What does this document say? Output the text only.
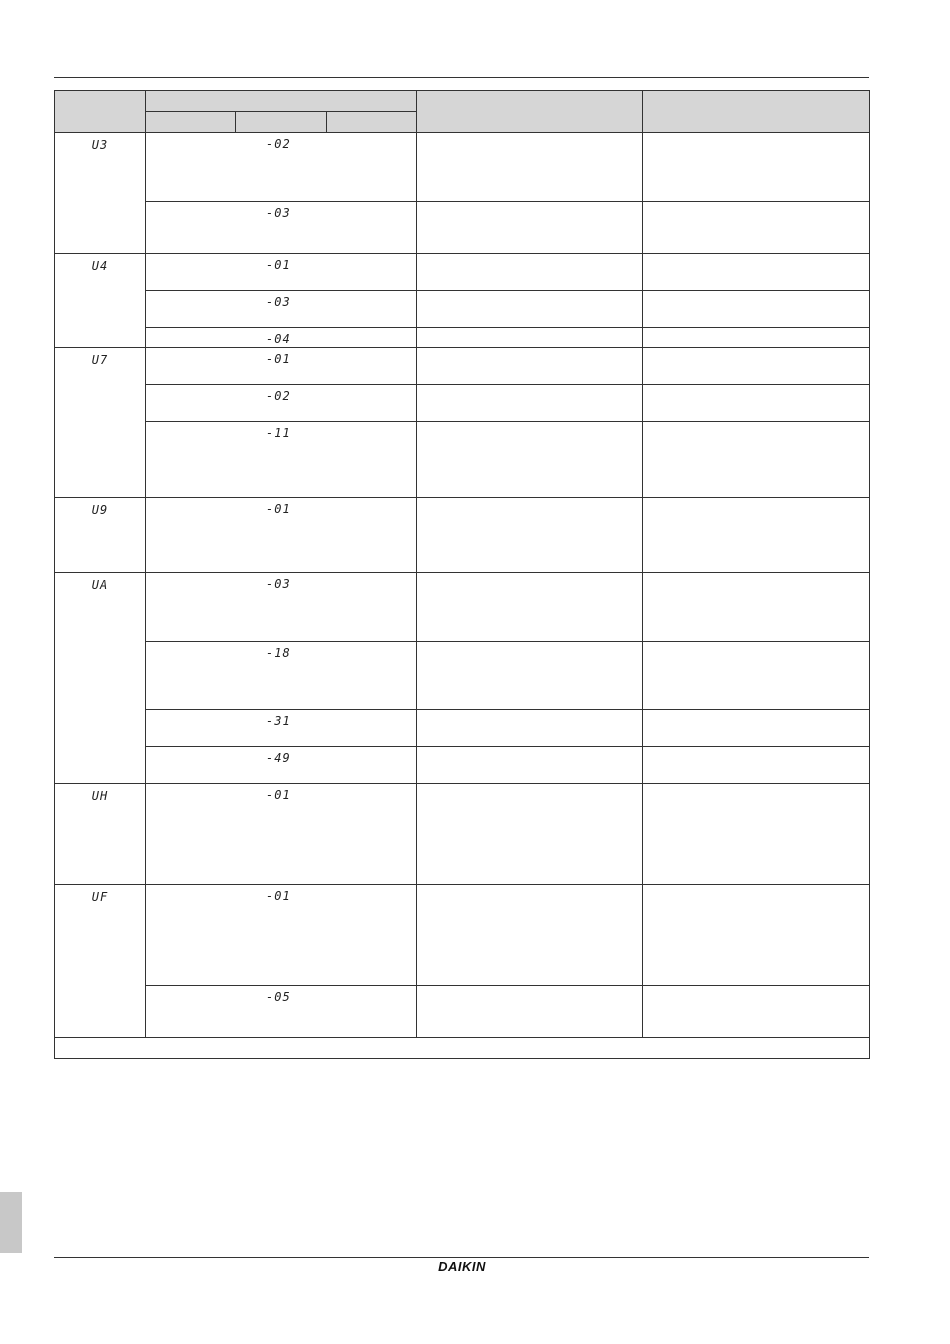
U3	-02				
	-03				
U4	-01				
	-03				
	-04				
U7	-01				
	-02				
	-11				
U9	-01				
UA	-03				
	-18				
	-31				
	-49				
UH	-01				
UF	-01				
	-05				

DAIKIN
